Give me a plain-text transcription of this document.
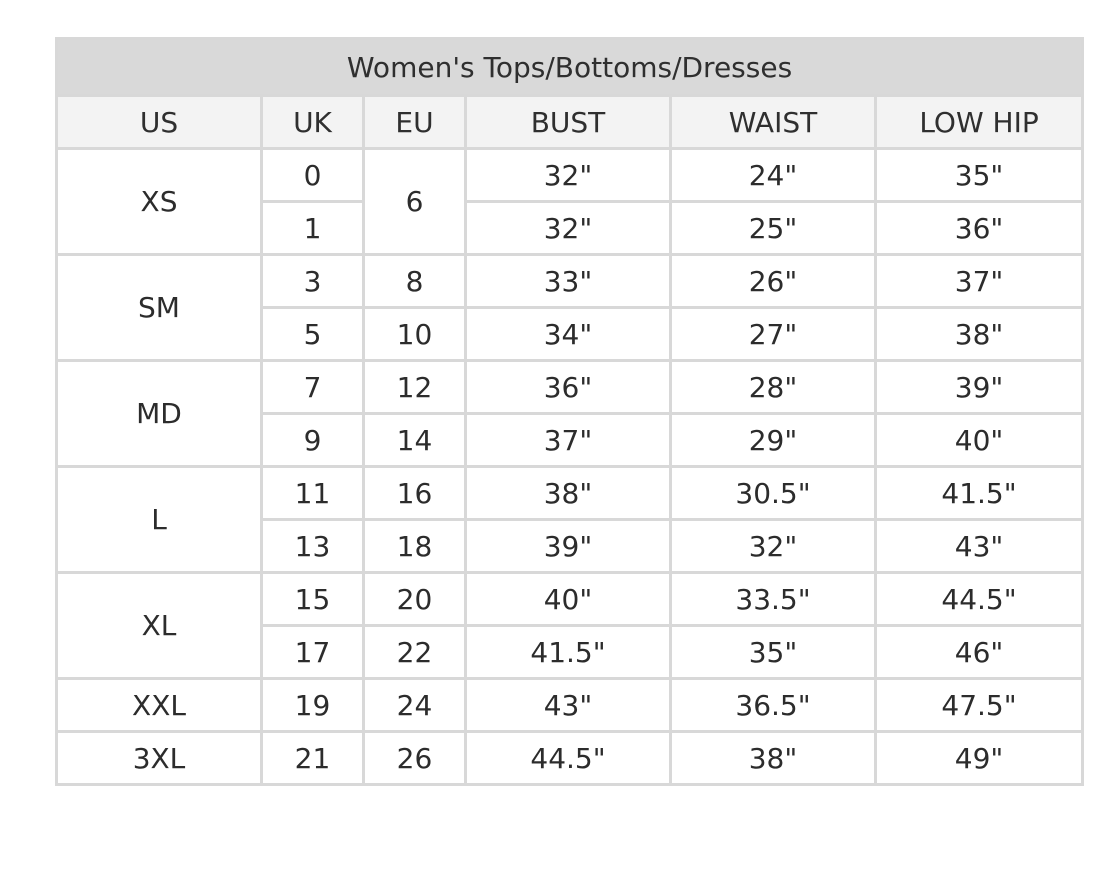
Women's Tops/Bottoms/Dresses					
US	UK	EU	BUST	WAIST	LOW HIP
XS	0	6	32"	24"	35"
	1		32"	25"	36"
SM	3	8	33"	26"	37"
	5	10	34"	27"	38"
MD	7	12	36"	28"	39"
	9	14	37"	29"	40"
L	11	16	38"	30.5"	41.5"
	13	18	39"	32"	43"
XL	15	20	40"	33.5"	44.5"
	17	22	41.5"	35"	46"
XXL	19	24	43"	36.5"	47.5"
3XL	21	26	44.5"	38"	49"
